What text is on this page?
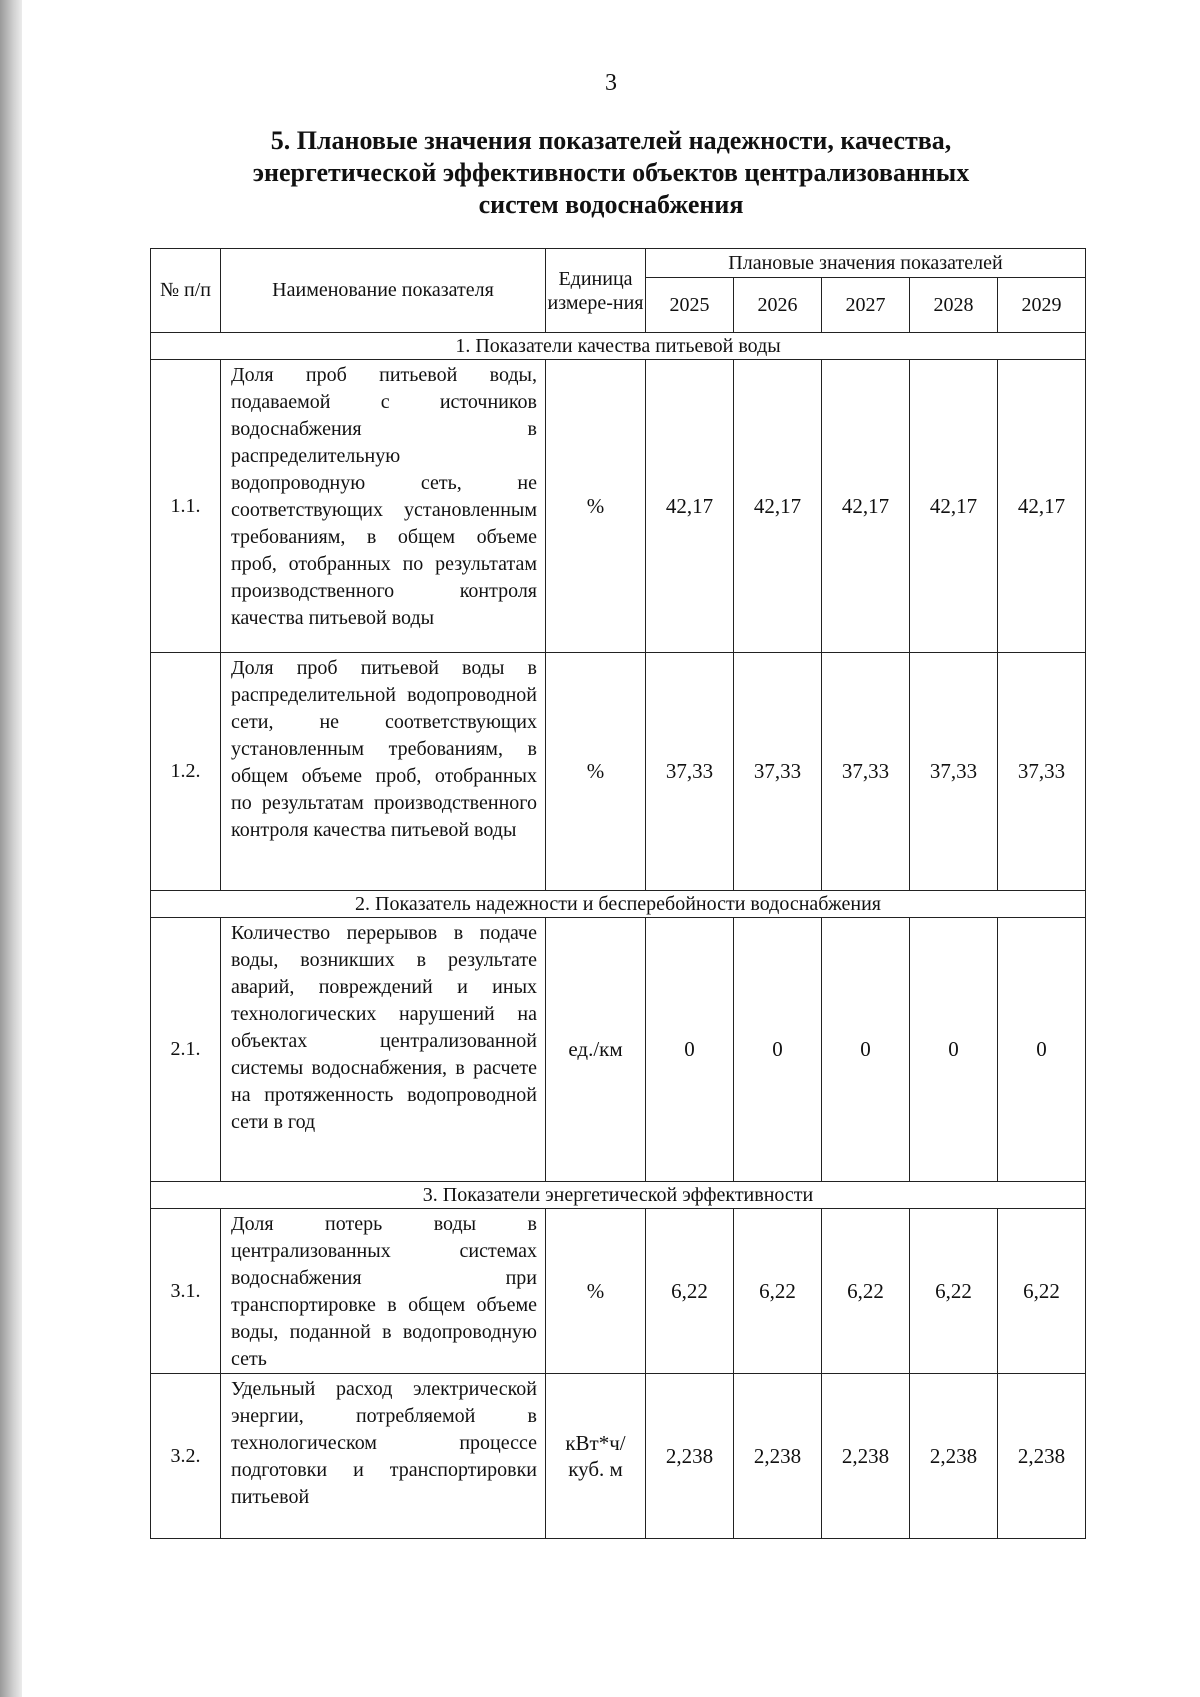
3
5. Плановые значения показателей надежности, качества,
энергетической эффективности объектов централизованных
систем водоснабжения
№ п/п	Наименование показателя	Единица измере-ния	Плановые значения показателей				
			2025	2026	2027	2028	2029
1. Показатели качества питьевой воды							
1.1.	Доля проб питьевой воды, подаваемой с источников водоснабжения в распределительную водопроводную сеть, не соответствующих установленным требованиям, в общем объеме проб, отобранных по результатам производственного контроля качества питьевой воды	%	42,17	42,17	42,17	42,17	42,17
1.2.	Доля проб питьевой воды в распределительной водопроводной сети, не соответствующих установленным требованиям, в общем объеме проб, отобранных по результатам производственного контроля качества питьевой воды	%	37,33	37,33	37,33	37,33	37,33
2. Показатель надежности и бесперебойности водоснабжения							
2.1.	Количество перерывов в подаче воды, возникших в результате аварий, повреждений и иных технологических нарушений на объектах централизованной системы водоснабжения, в расчете на протяженность водопроводной сети в год	ед./км	0	0	0	0	0
3. Показатели энергетической эффективности							
3.1.	Доля потерь воды в централизованных системах водоснабжения при транспортировке в общем объеме воды, поданной в водопроводную сеть	%	6,22	6,22	6,22	6,22	6,22
3.2.	Удельный расход электрической энергии, потребляемой в технологическом процессе подготовки и транспортировки питьевой	кВт*ч/ куб. м	2,238	2,238	2,238	2,238	2,238
